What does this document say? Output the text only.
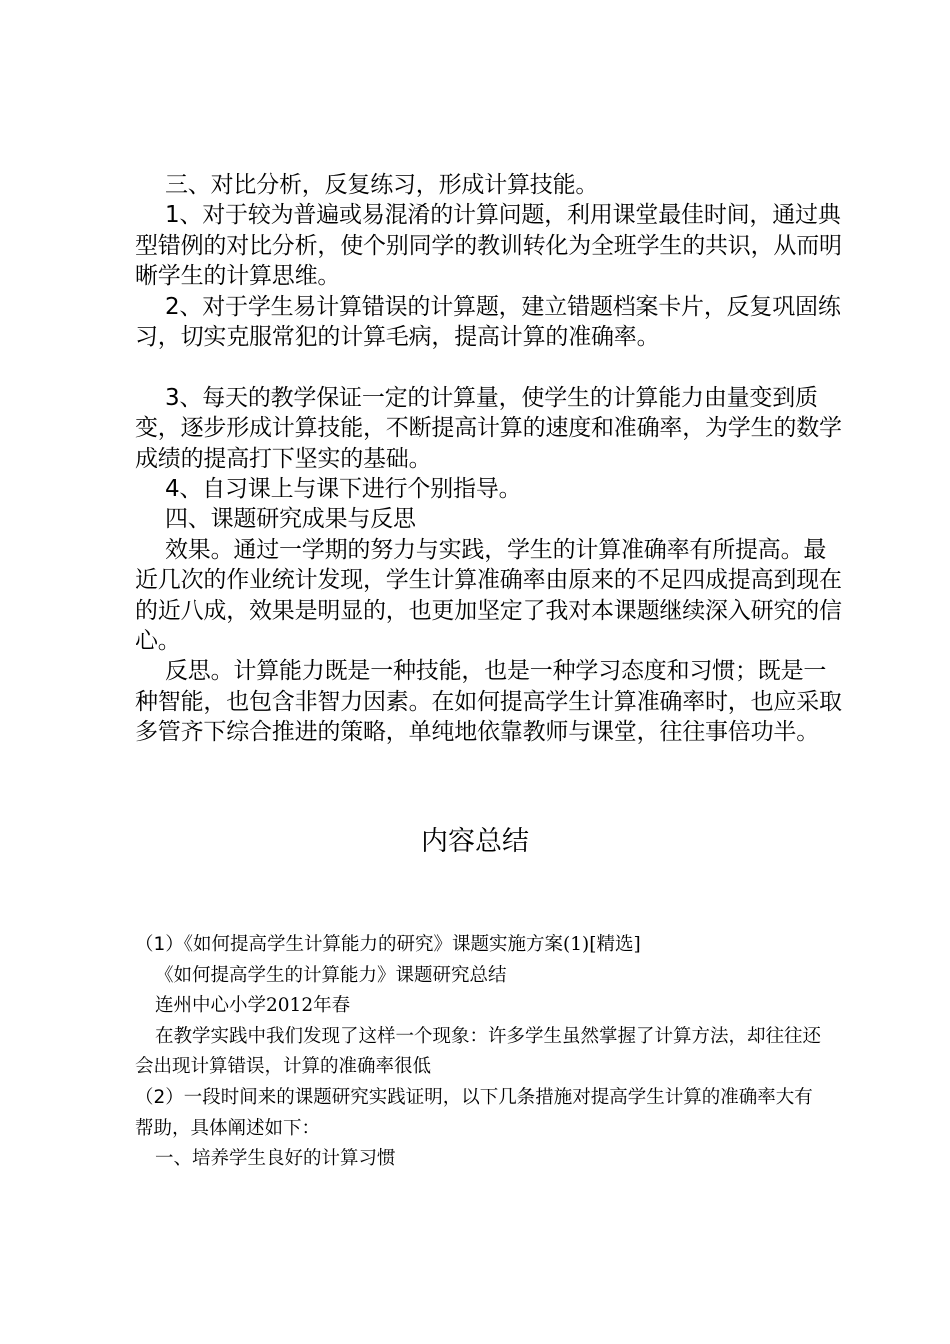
三、对比分析，反复练习，形成计算技能。

1、对于较为普遍或易混淆的计算问题，利用课堂最佳时间，通过典型错例的对比分析，使个别同学的教训转化为全班学生的共识，从而明晰学生的计算思维。

2、对于学生易计算错误的计算题，建立错题档案卡片，反复巩固练习，切实克服常犯的计算毛病，提高计算的准确率。

3、每天的教学保证一定的计算量，使学生的计算能力由量变到质变，逐步形成计算技能，不断提高计算的速度和准确率，为学生的数学成绩的提高打下坚实的基础。

4、自习课上与课下进行个别指导。

四、课题研究成果与反思

效果。通过一学期的努力与实践，学生的计算准确率有所提高。最近几次的作业统计发现，学生计算准确率由原来的不足四成提高到现在的近八成，效果是明显的，也更加坚定了我对本课题继续深入研究的信心。

反思。计算能力既是一种技能，也是一种学习态度和习惯；既是一种智能，也包含非智力因素。在如何提高学生计算准确率时，也应采取多管齐下综合推进的策略，单纯地依靠教师与课堂，往往事倍功半。

内容总结

（1）《如何提高学生计算能力的研究》课题实施方案(1)[精选]

《如何提高学生的计算能力》课题研究总结

连州中心小学2012年春

在教学实践中我们发现了这样一个现象：许多学生虽然掌握了计算方法，却往往还会出现计算错误，计算的准确率很低

（2）一段时间来的课题研究实践证明，以下几条措施对提高学生计算的准确率大有帮助，具体阐述如下：

一、培养学生良好的计算习惯
